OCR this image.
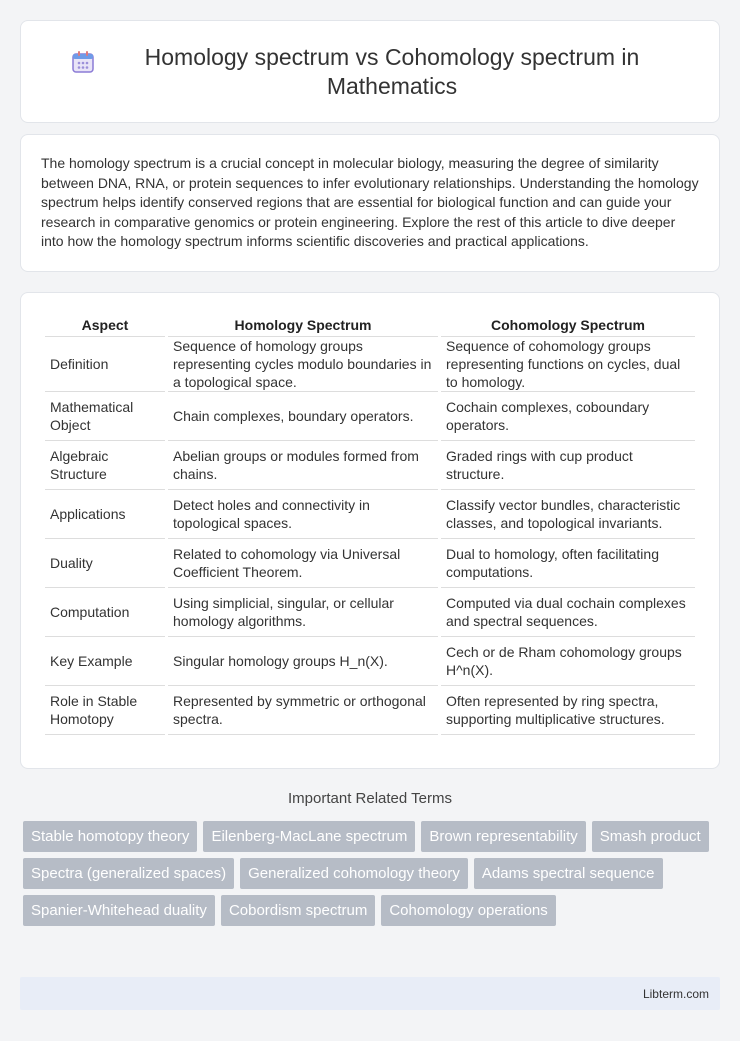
Homology spectrum vs Cohomology spectrum in Mathematics

The homology spectrum is a crucial concept in molecular biology, measuring the degree of similarity between DNA, RNA, or protein sequences to infer evolutionary relationships. Understanding the homology spectrum helps identify conserved regions that are essential for biological function and can guide your research in comparative genomics or protein engineering. Explore the rest of this article to dive deeper into how the homology spectrum informs scientific discoveries and practical applications.

Aspect	Homology Spectrum	Cohomology Spectrum
Definition	Sequence of homology groups representing cycles modulo boundaries in a topological space.	Sequence of cohomology groups representing functions on cycles, dual to homology.
Mathematical Object	Chain complexes, boundary operators.	Cochain complexes, coboundary operators.
Algebraic Structure	Abelian groups or modules formed from chains.	Graded rings with cup product structure.
Applications	Detect holes and connectivity in topological spaces.	Classify vector bundles, characteristic classes, and topological invariants.
Duality	Related to cohomology via Universal Coefficient Theorem.	Dual to homology, often facilitating computations.
Computation	Using simplicial, singular, or cellular homology algorithms.	Computed via dual cochain complexes and spectral sequences.
Key Example	Singular homology groups H_n(X).	Cech or de Rham cohomology groups H^n(X).
Role in Stable Homotopy	Represented by symmetric or orthogonal spectra.	Often represented by ring spectra, supporting multiplicative structures.
Important Related Terms
Stable homotopy theory	Eilenberg-MacLane spectrum	Brown representability	Smash product
Spectra (generalized spaces)	Generalized cohomology theory	Adams spectral sequence
Spanier-Whitehead duality	Cobordism spectrum	Cohomology operations
Libterm.com
